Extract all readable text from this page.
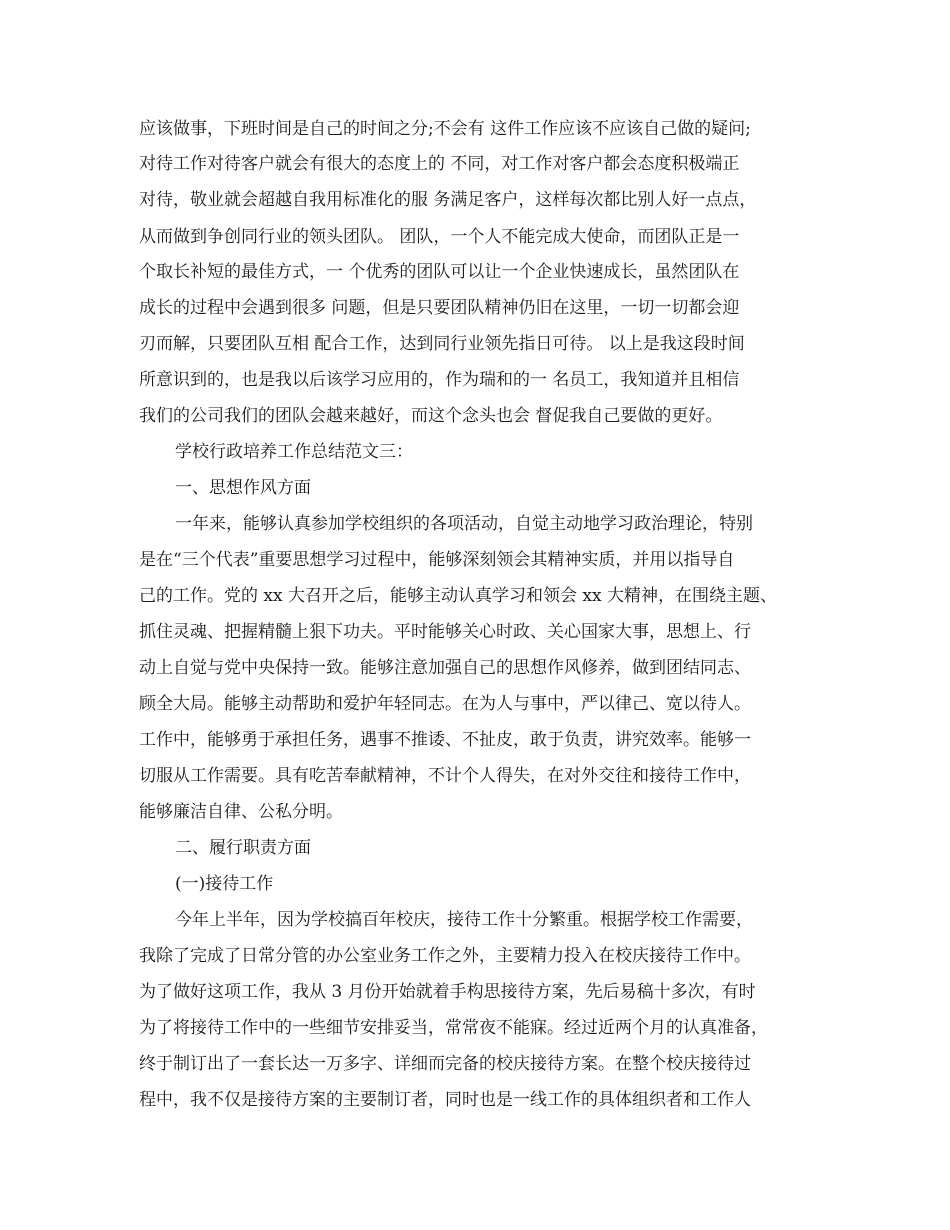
应该做事，下班时间是自己的时间之分;不会有 这件工作应该不应该自己做的疑问;
对待工作对待客户就会有很大的态度上的 不同，对工作对客户都会态度积极端正
对待，敬业就会超越自我用标准化的服 务满足客户，这样每次都比别人好一点点，
从而做到争创同行业的领头团队。 团队，一个人不能完成大使命，而团队正是一
个取长补短的最佳方式，一 个优秀的团队可以让一个企业快速成长，虽然团队在
成长的过程中会遇到很多 问题，但是只要团队精神仍旧在这里，一切一切都会迎
刃而解，只要团队互相 配合工作，达到同行业领先指日可待。 以上是我这段时间
所意识到的，也是我以后该学习应用的，作为瑞和的一 名员工，我知道并且相信
我们的公司我们的团队会越来越好，而这个念头也会 督促我自己要做的更好。
学校行政培养工作总结范文三：
一、思想作风方面
一年来，能够认真参加学校组织的各项活动，自觉主动地学习政治理论，特别
是在“三个代表”重要思想学习过程中，能够深刻领会其精神实质，并用以指导自
己的工作。党的 xx 大召开之后，能够主动认真学习和领会 xx 大精神，在围绕主题、
抓住灵魂、把握精髓上狠下功夫。平时能够关心时政、关心国家大事，思想上、行
动上自觉与党中央保持一致。能够注意加强自己的思想作风修养，做到团结同志、
顾全大局。能够主动帮助和爱护年轻同志。在为人与事中，严以律己、宽以待人。
工作中，能够勇于承担任务，遇事不推诿、不扯皮，敢于负责，讲究效率。能够一
切服从工作需要。具有吃苦奉献精神，不计个人得失，在对外交往和接待工作中，
能够廉洁自律、公私分明。
二、履行职责方面
(一)接待工作
今年上半年，因为学校搞百年校庆，接待工作十分繁重。根据学校工作需要，
我除了完成了日常分管的办公室业务工作之外，主要精力投入在校庆接待工作中。
为了做好这项工作，我从 3 月份开始就着手构思接待方案，先后易稿十多次，有时
为了将接待工作中的一些细节安排妥当，常常夜不能寐。经过近两个月的认真准备，
终于制订出了一套长达一万多字、详细而完备的校庆接待方案。在整个校庆接待过
程中，我不仅是接待方案的主要制订者，同时也是一线工作的具体组织者和工作人
